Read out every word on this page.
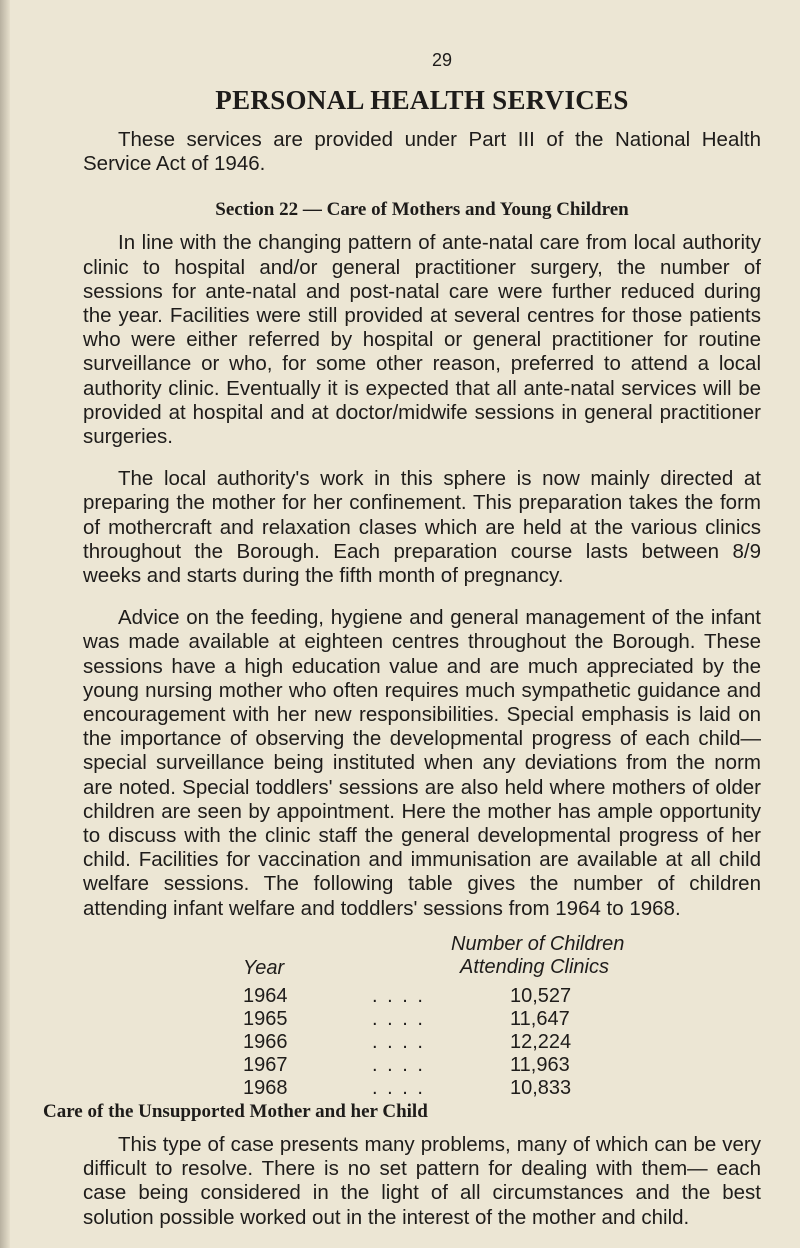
29
PERSONAL HEALTH SERVICES

These services are provided under Part III of the National Health Service Act of 1946.

Section 22 — Care of Mothers and Young Children

In line with the changing pattern of ante-natal care from local authority clinic to hospital and/or general practitioner surgery, the number of sessions for ante-natal and post-natal care were further reduced during the year. Facilities were still provided at several centres for those patients who were either referred by hospital or general practitioner for routine surveillance or who, for some other reason, preferred to attend a local authority clinic. Eventually it is expected that all ante-natal services will be provided at hospital and at doctor/midwife sessions in general practitioner surgeries.

The local authority's work in this sphere is now mainly directed at preparing the mother for her confinement. This preparation takes the form of mothercraft and relaxation clases which are held at the various clinics throughout the Borough. Each preparation course lasts between 8/9 weeks and starts during the fifth month of pregnancy.

Advice on the feeding, hygiene and general management of the infant was made available at eighteen centres throughout the Borough. These sessions have a high education value and are much appreciated by the young nursing mother who often requires much sympathetic guidance and encouragement with her new responsibilities. Special emphasis is laid on the importance of observing the developmental progress of each child— special surveillance being instituted when any deviations from the norm are noted. Special toddlers' sessions are also held where mothers of older children are seen by appointment. Here the mother has ample opportunity to discuss with the clinic staff the general developmental progress of her child. Facilities for vaccination and immunisation are available at all child welfare sessions. The following table gives the number of children attending infant welfare and toddlers' sessions from 1964 to 1968.

Number of Children
Attending Clinics
Year
1964	. . . .	10,527
1965	. . . .	11,647
1966	. . . .	12,224
1967	. . . .	11,963
1968	. . . .	10,833
Care of the Unsupported Mother and her Child

This type of case presents many problems, many of which can be very difficult to resolve. There is no set pattern for dealing with them— each case being considered in the light of all circumstances and the best solution possible worked out in the interest of the mother and child.
